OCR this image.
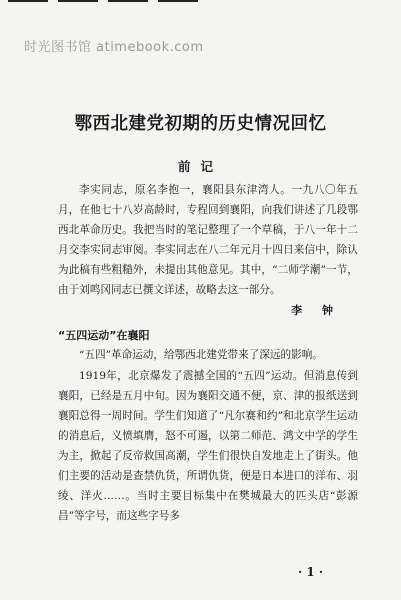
时光图书馆 atimebook.com
鄂西北建党初期的历史情况回忆
前记
李实同志，原名李抱一，襄阳县东津湾人。一九八〇年五月，在他七十八岁高龄时，专程回到襄阳，向我们讲述了几段鄂西北革命历史。我把当时的笔记整理了一个草稿，于八一年十二月交李实同志审阅。李实同志在八二年元月十四日来信中，除认为此稿有些粗糙外，未提出其他意见。其中，“二师学潮”一节，由于刘鸣冈同志已撰文详述，故略去这一部分。
李 钟
“五四运动”在襄阳
“五四”革命运动，给鄂西北建党带来了深远的影响。
1919年，北京爆发了震撼全国的“五四”运动。但消息传到襄阳，已经是五月中旬。因为襄阳交通不便，京、津的报纸送到襄阳总得一周时间。学生们知道了“凡尔赛和约”和北京学生运动的消息后，义愤填膺，怒不可遏，以第二师范、鸿文中学的学生为主，掀起了反帝救国高潮，学生们很快自发地走上了街头。他们主要的活动是查禁仇货，所谓仇货，便是日本进口的洋布、羽绫、洋火……。当时主要目标集中在樊城最大的匹头店“彭源昌”等字号，而这些字号多
· 1 ·
